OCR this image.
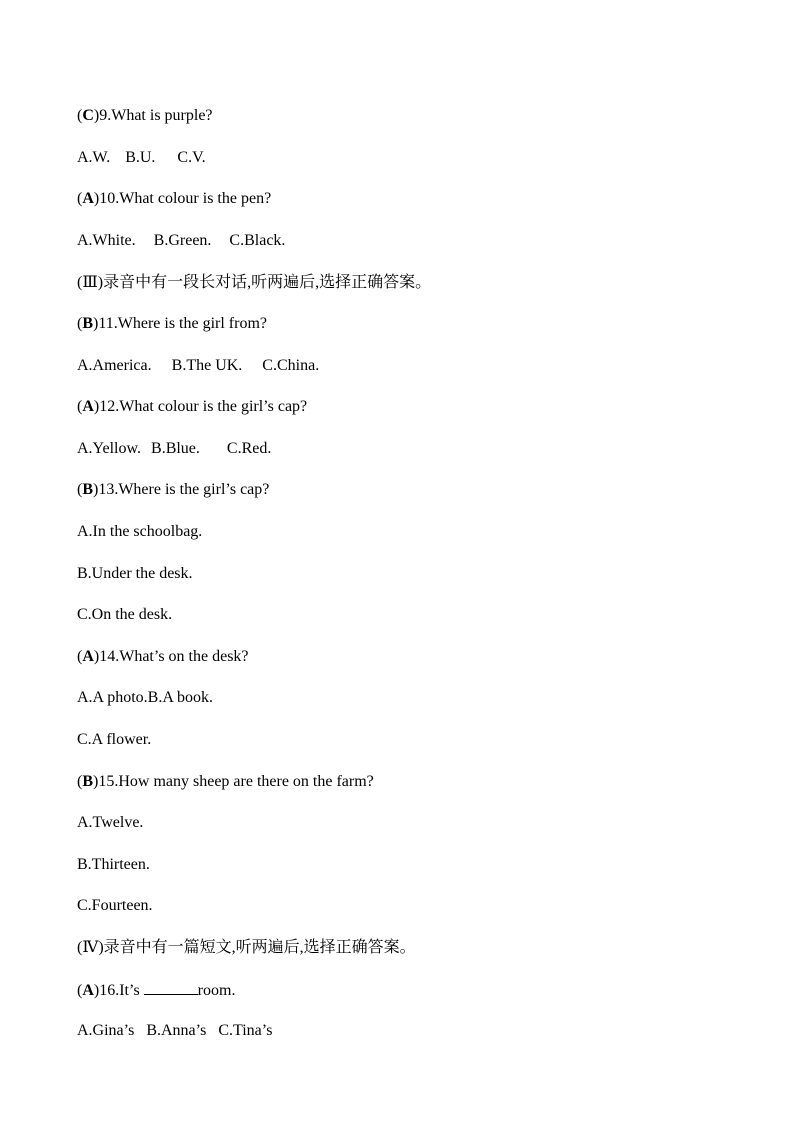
(C)9.What is purple?
A.W. B.U. C.V.
(A)10.What colour is the pen?
A.White. B.Green. C.Black.
(Ⅲ)录音中有一段长对话,听两遍后,选择正确答案。
(B)11.Where is the girl from?
A.America. B.The UK. C.China.
(A)12.What colour is the girl’s cap?
A.Yellow. B.Blue. C.Red.
(B)13.Where is the girl’s cap?
A.In the schoolbag.
B.Under the desk.
C.On the desk.
(A)14.What’s on the desk?
A.A photo.B.A book.
C.A flower.
(B)15.How many sheep are there on the farm?
A.Twelve.
B.Thirteen.
C.Fourteen.
(Ⅳ)录音中有一篇短文,听两遍后,选择正确答案。
(A)16.It’s	room.
A.Gina’s B.Anna’s C.Tina’s
